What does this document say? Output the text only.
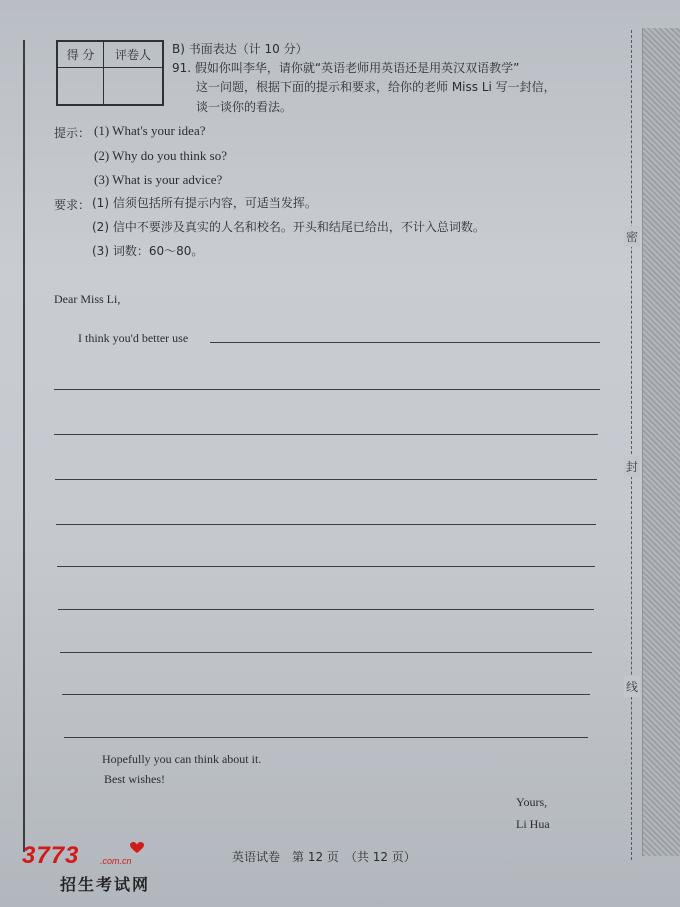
密
封
线
得 分	评卷人
	B) 书面表达（计 10 分）
91. 假如你叫李华，请你就“英语老师用英语还是用英汉双语教学”
这一问题，根据下面的提示和要求，给你的老师 Miss Li 写一封信，
谈一谈你的看法。
提示： (1) What's your idea?
(2) Why do you think so?
(3) What is your advice?
要求： (1) 信须包括所有提示内容，可适当发挥。
(2) 信中不要涉及真实的人名和校名。开头和结尾已给出，不计入总词数。
(3) 词数：60～80。
Dear Miss Li,
I think you'd better use
Hopefully you can think about it.
Best wishes!
Yours,
Li Hua
英语试卷　第 12 页　（共 12 页）
3773 .com.cn
招生考试网
